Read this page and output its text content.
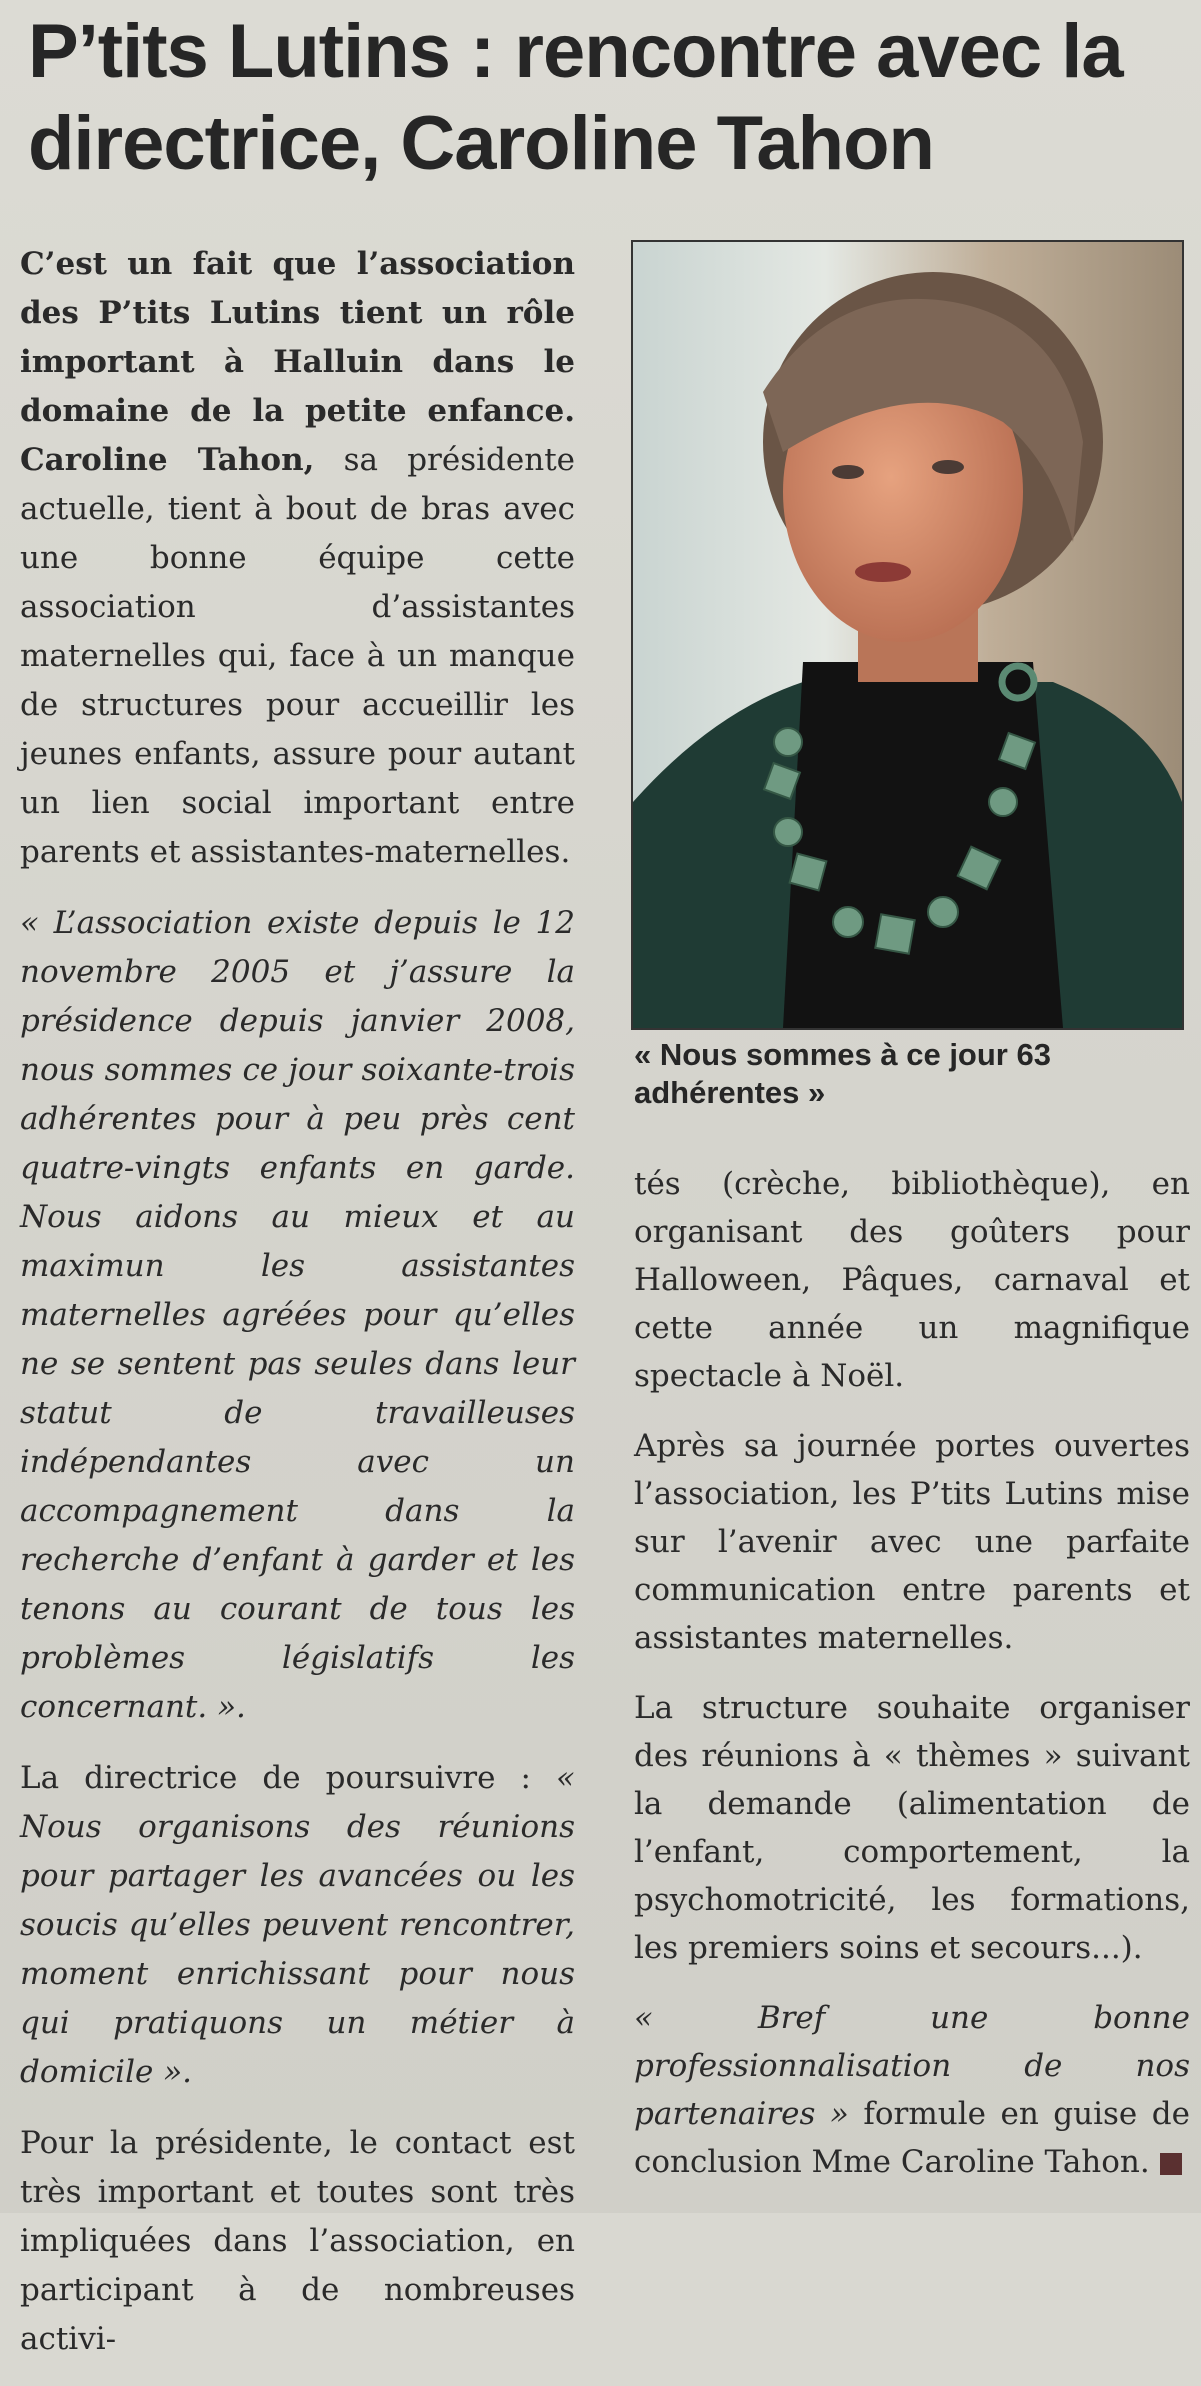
P’tits Lutins : rencontre avec la directrice, Caroline Tahon

C’est un fait que l’association des P’tits Lutins tient un rôle important à Halluin dans le domaine de la petite enfance. Caroline Tahon, sa présidente actuelle, tient à bout de bras avec une bonne équipe cette association d’assistantes maternelles qui, face à un manque de structures pour accueillir les jeunes enfants, assure pour autant un lien social important entre parents et assistantes-maternelles.

« L’association existe depuis le 12 novembre 2005 et j’assure la présidence depuis janvier 2008, nous sommes ce jour soixante-trois adhérentes pour à peu près cent quatre-vingts enfants en garde. Nous aidons au mieux et au maximun les assistantes maternelles agréées pour qu’elles ne se sentent pas seules dans leur statut de travailleuses indépendantes avec un accompagnement dans la recherche d’enfant à garder et les tenons au courant de tous les problèmes législatifs les concernant. ».

La directrice de poursuivre : « Nous organisons des réunions pour partager les avancées ou les soucis qu’elles peuvent rencontrer, moment enrichissant pour nous qui pratiquons un métier à domicile ».

Pour la présidente, le contact est très important et toutes sont très impliquées dans l’association, en participant à de nombreuses activi-

« Nous sommes à ce jour 63 adhérentes »

tés (crèche, bibliothèque), en organisant des goûters pour Halloween, Pâques, carnaval et cette année un magnifique spectacle à Noël.

Après sa journée portes ouvertes l’association, les P’tits Lutins mise sur l’avenir avec une parfaite communication entre parents et assistantes maternelles.

La structure souhaite organiser des réunions à « thèmes » suivant la demande (alimentation de l’enfant, comportement, la psychomotricité, les formations, les premiers soins et secours...).

« Bref une bonne professionnalisation de nos partenaires » formule en guise de conclusion Mme Caroline Tahon.
